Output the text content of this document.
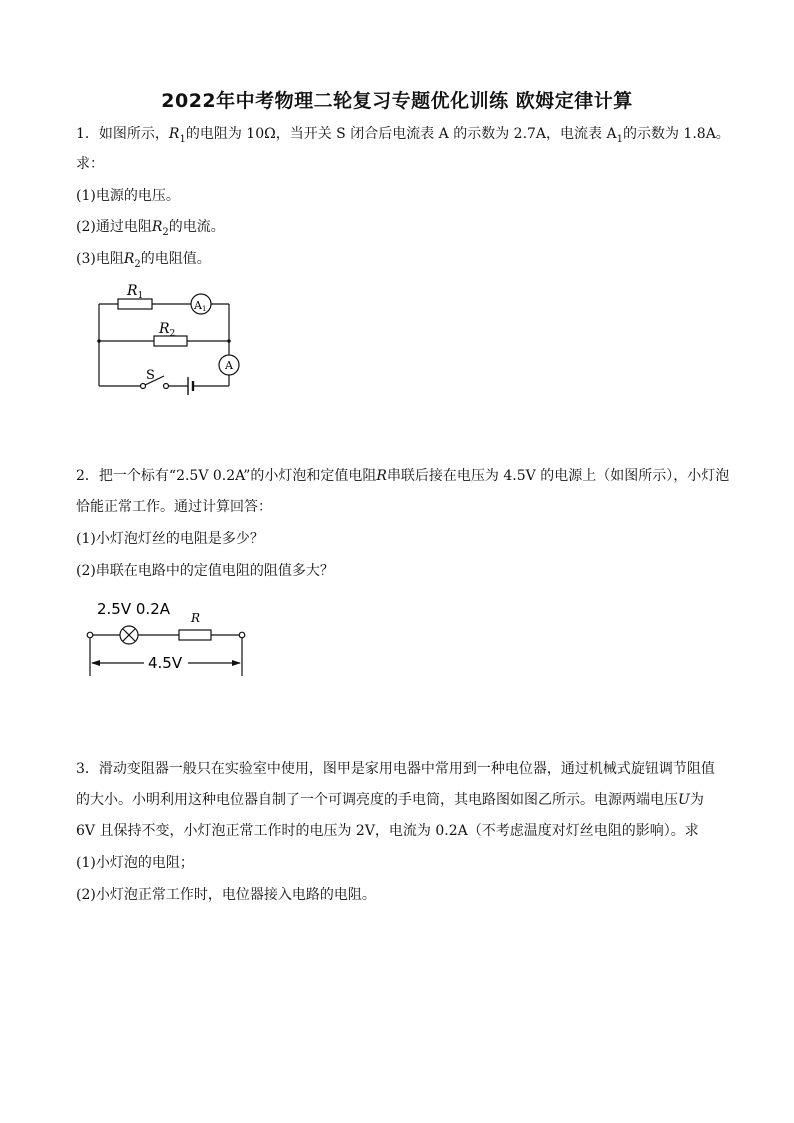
2022年中考物理二轮复习专题优化训练 欧姆定律计算
1．如图所示，$R_1$的电阻为 10Ω，当开关 S 闭合后电流表 A 的示数为 2.7A，电流表 $A_1$的示数为 1.8A。
求：
(1)电源的电压。
(2)通过电阻$R_2$的电流。
(3)电阻$R_2$的电阻值。
$R_1$
$R_2$
A1
A
S
2．把一个标有“2.5V 0.2A”的小灯泡和定值电阻R串联后接在电压为 4.5V 的电源上（如图所示），小灯泡
恰能正常工作。通过计算回答：
(1)小灯泡灯丝的电阻是多少？
(2)串联在电路中的定值电阻的阻值多大？
2.5V 0.2A R
4.5V
3．滑动变阻器一般只在实验室中使用，图甲是家用电器中常用到一种电位器，通过机械式旋钮调节阻值
的大小。小明利用这种电位器自制了一个可调亮度的手电筒，其电路图如图乙所示。电源两端电压U为
6V 且保持不变，小灯泡正常工作时的电压为 2V，电流为 0.2A（不考虑温度对灯丝电阻的影响）。求
(1)小灯泡的电阻；
(2)小灯泡正常工作时，电位器接入电路的电阻。
